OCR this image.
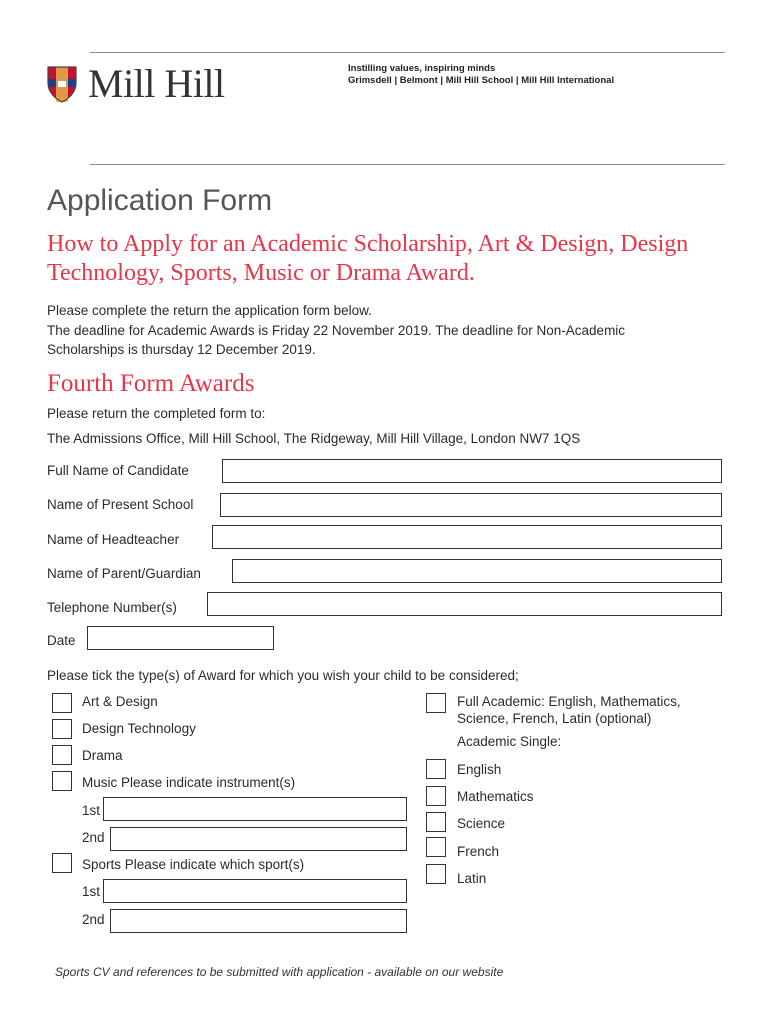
Mill Hill	Instilling values, inspiring minds
Grimsdell | Belmont | Mill Hill School | Mill Hill International
Application Form
How to Apply for an Academic Scholarship, Art & Design, Design Technology, Sports, Music or Drama Award.
Please complete the return the application form below.
The deadline for Academic Awards is Friday 22 November 2019. The deadline for Non-Academic
Scholarships is thursday 12 December 2019.
Fourth Form Awards
Please return the completed form to:
The Admissions Office, Mill Hill School, The Ridgeway, Mill Hill Village, London NW7 1QS
Full Name of Candidate
Name of Present School
Name of Headteacher
Name of Parent/Guardian
Telephone Number(s)
Date
Please tick the type(s) of Award for which you wish your child to be considered;
Art & Design
Design Technology
Drama
Music Please indicate instrument(s)
1st
2nd
Sports Please indicate which sport(s)
1st
2nd
Full Academic: English, Mathematics,
Science, French, Latin (optional)
Academic Single:
English
Mathematics
Science
French
Latin
Sports CV and references to be submitted with application - available on our website
